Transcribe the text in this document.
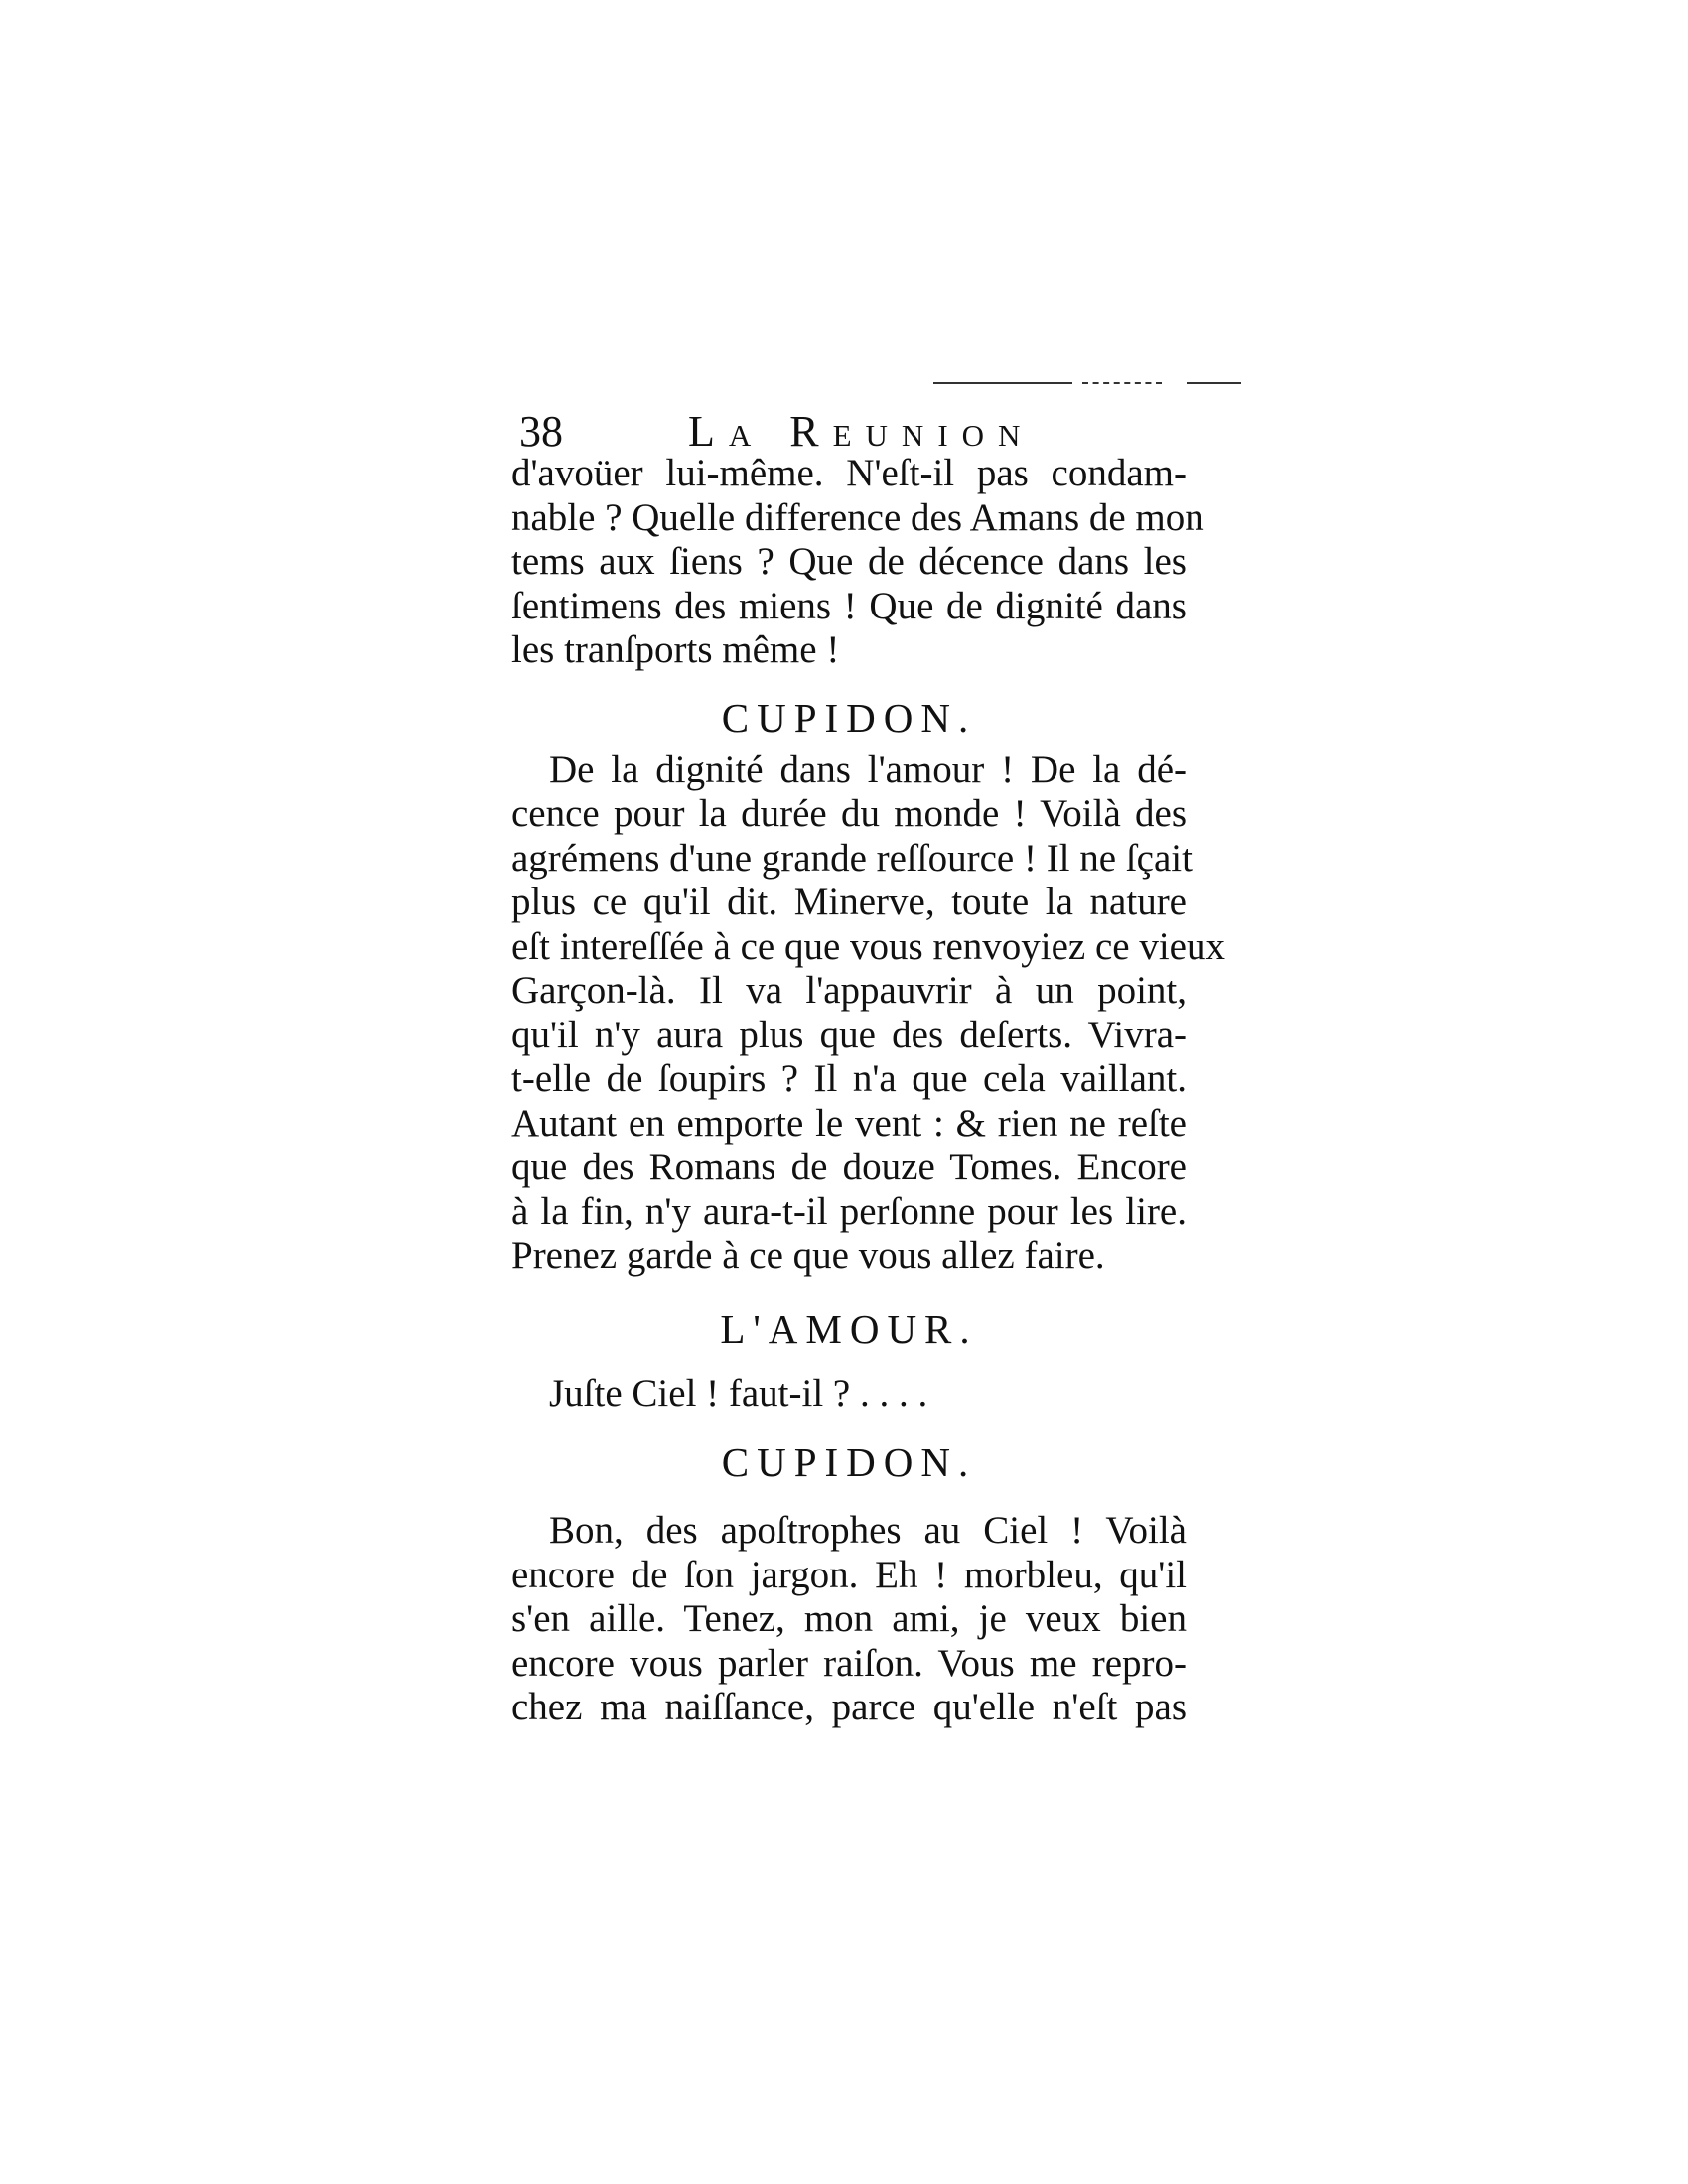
38	La Reunion

d'avoüer lui-même. N'eſt-il pas condam-
nable ? Quelle difference des Amans de mon
tems aux ſiens ? Que de décence dans les
ſentimens des miens ! Que de dignité dans
les tranſports même !

CUPIDON.

De la dignité dans l'amour ! De la dé-
cence pour la durée du monde ! Voilà des
agrémens d'une grande reſſource ! Il ne ſçait
plus ce qu'il dit. Minerve, toute la nature
eſt intereſſée à ce que vous renvoyiez ce vieux
Garçon-là. Il va l'appauvrir à un point,
qu'il n'y aura plus que des deſerts. Vivra-
t-elle de ſoupirs ? Il n'a que cela vaillant.
Autant en emporte le vent : & rien ne reſte
que des Romans de douze Tomes. Encore
à la fin, n'y aura-t-il perſonne pour les lire.
Prenez garde à ce que vous allez faire.

L'AMOUR.

Juſte Ciel ! faut-il ? . . . .

CUPIDON.

Bon, des apoſtrophes au Ciel ! Voilà
encore de ſon jargon. Eh ! morbleu, qu'il
s'en aille. Tenez, mon ami, je veux bien
encore vous parler raiſon. Vous me repro-
chez ma naiſſance, parce qu'elle n'eſt pas
